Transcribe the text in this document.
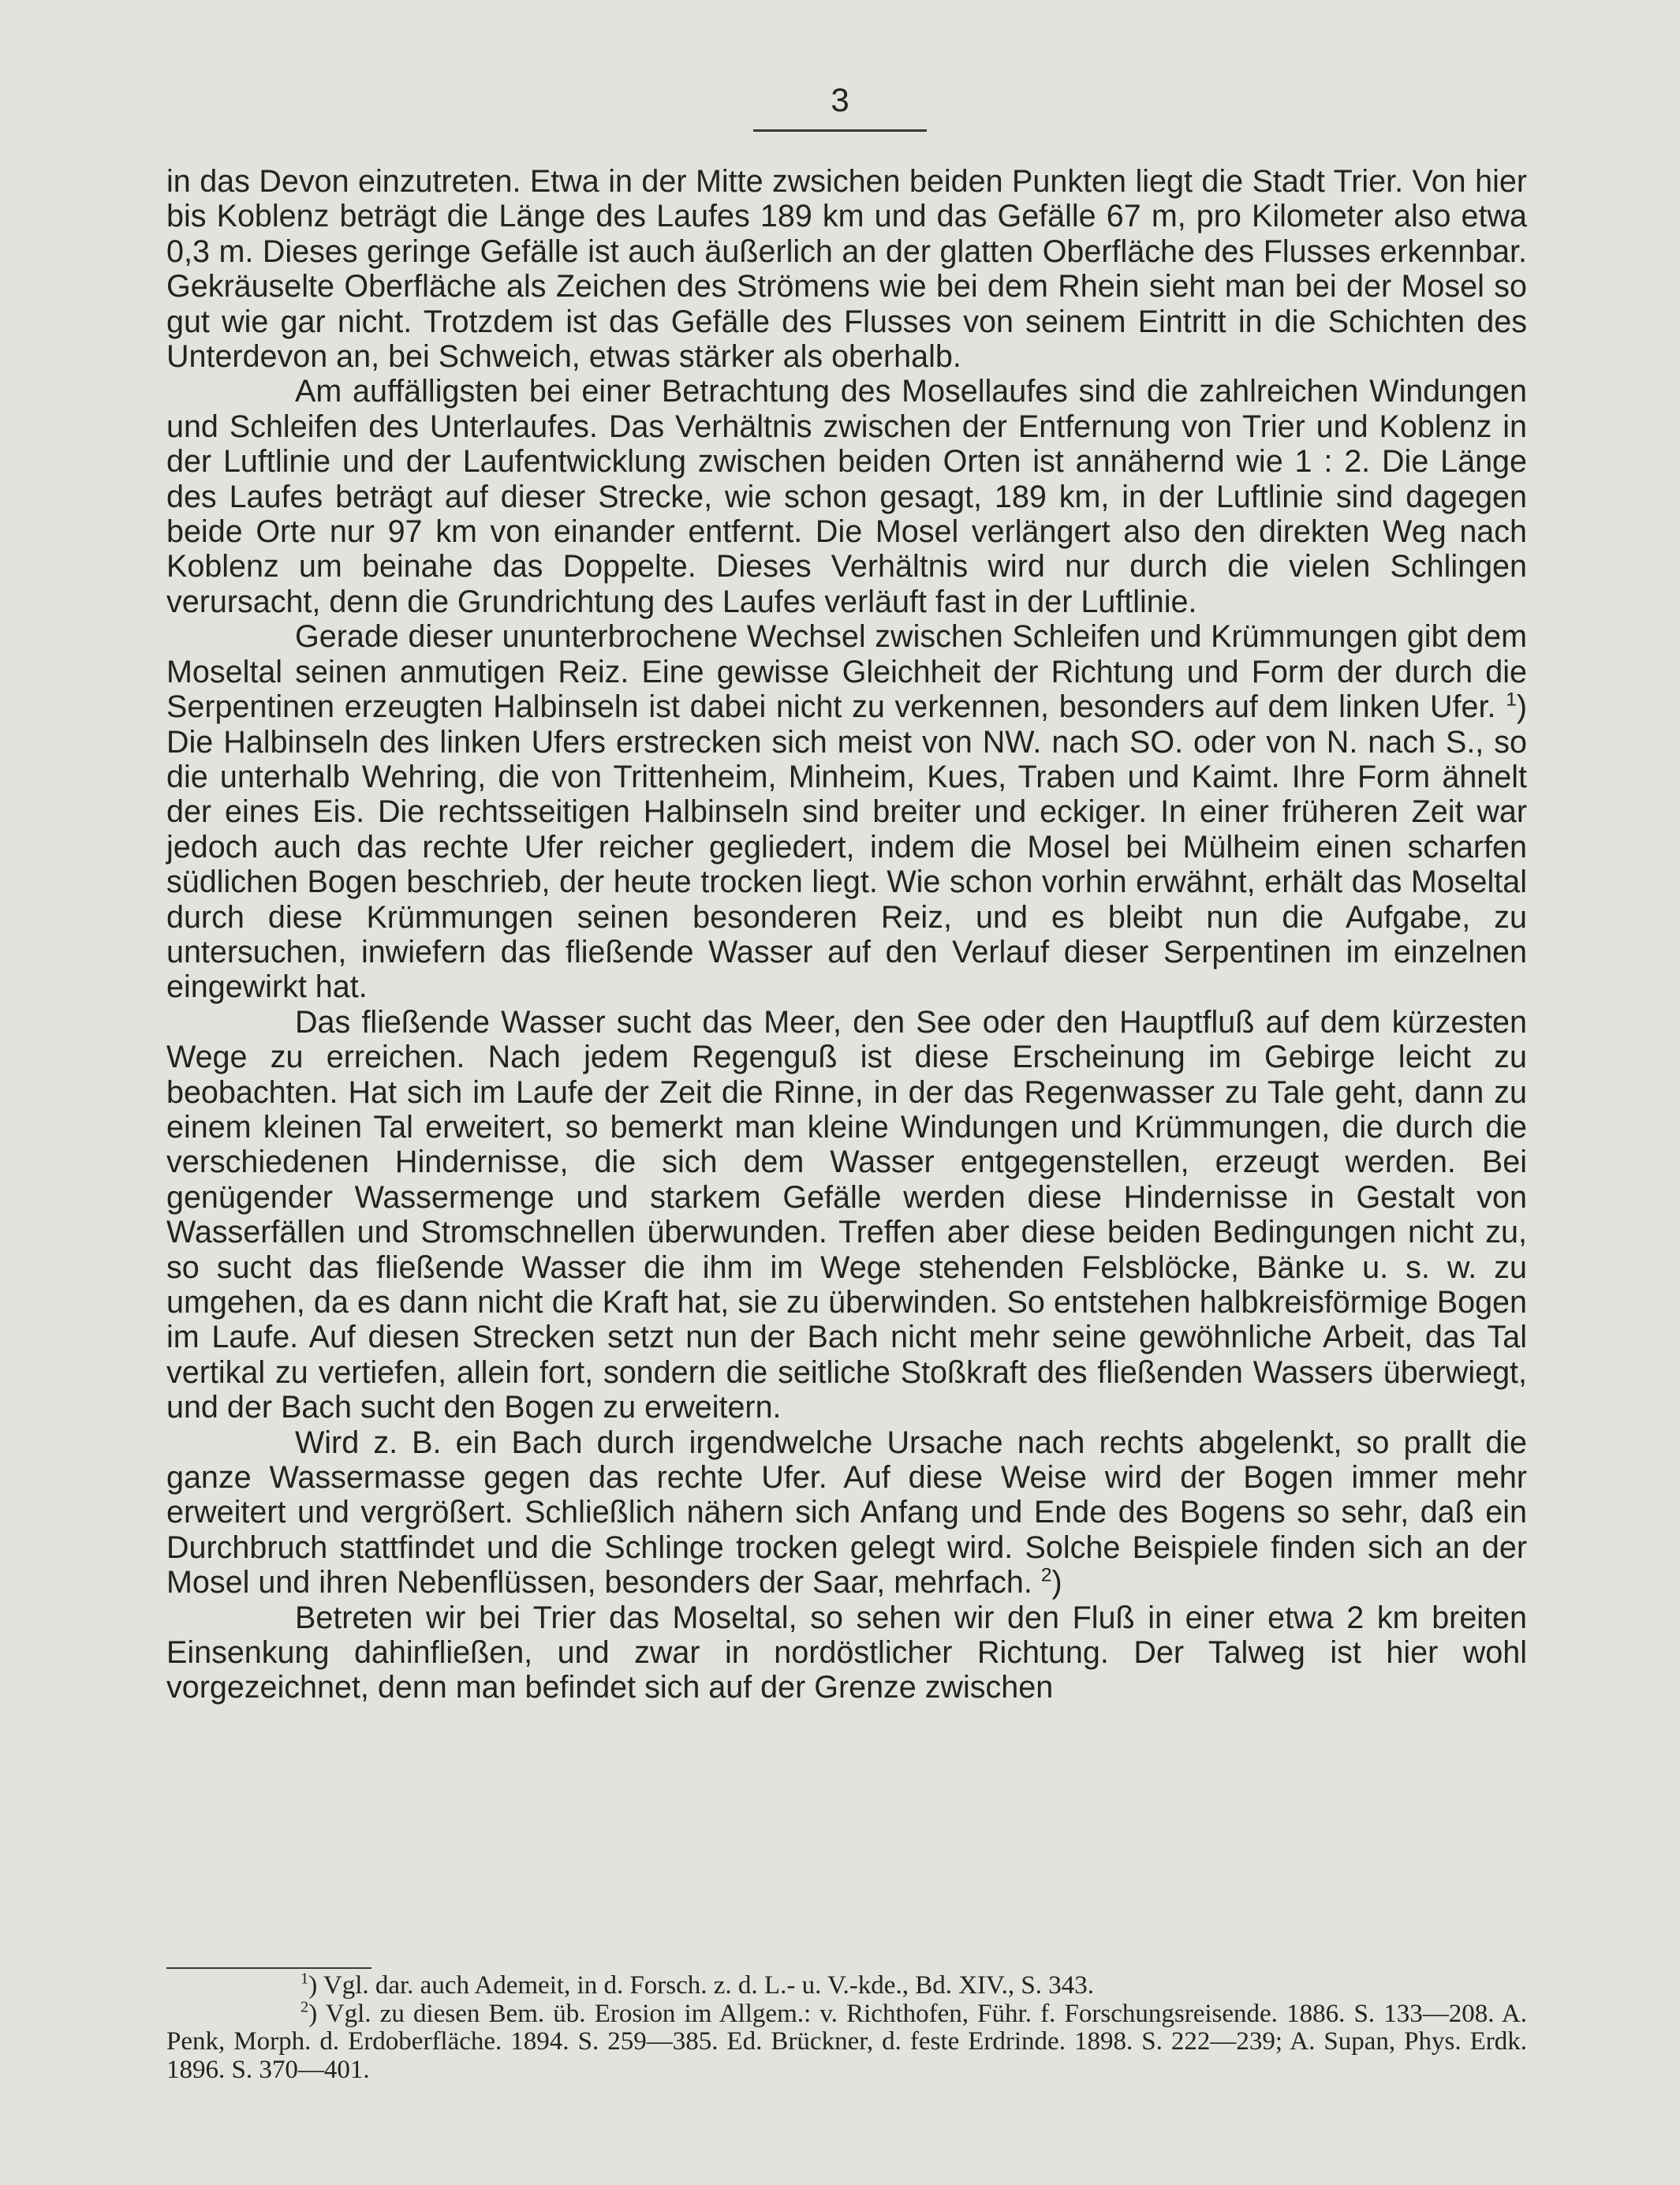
3

in das Devon einzutreten. Etwa in der Mitte zwsichen beiden Punkten liegt die Stadt Trier. Von hier bis Koblenz beträgt die Länge des Laufes 189 km und das Gefälle 67 m, pro Kilometer also etwa 0,3 m. Dieses geringe Gefälle ist auch äußerlich an der glatten Oberfläche des Flusses erkennbar. Gekräuselte Oberfläche als Zeichen des Strömens wie bei dem Rhein sieht man bei der Mosel so gut wie gar nicht. Trotzdem ist das Gefälle des Flusses von seinem Eintritt in die Schichten des Unterdevon an, bei Schweich, etwas stärker als oberhalb.

Am auffälligsten bei einer Betrachtung des Mosellaufes sind die zahlreichen Windungen und Schleifen des Unterlaufes. Das Verhältnis zwischen der Entfernung von Trier und Koblenz in der Luftlinie und der Laufentwicklung zwischen beiden Orten ist annähernd wie 1 : 2. Die Länge des Laufes beträgt auf dieser Strecke, wie schon gesagt, 189 km, in der Luftlinie sind dagegen beide Orte nur 97 km von einander entfernt. Die Mosel verlängert also den direkten Weg nach Koblenz um beinahe das Doppelte. Dieses Verhältnis wird nur durch die vielen Schlingen verursacht, denn die Grundrichtung des Laufes verläuft fast in der Luftlinie.

Gerade dieser ununterbrochene Wechsel zwischen Schleifen und Krümmungen gibt dem Moseltal seinen anmutigen Reiz. Eine gewisse Gleichheit der Richtung und Form der durch die Serpentinen erzeugten Halbinseln ist dabei nicht zu verkennen, besonders auf dem linken Ufer. $^1$) Die Halbinseln des linken Ufers erstrecken sich meist von NW. nach SO. oder von N. nach S., so die unterhalb Wehring, die von Trittenheim, Minheim, Kues, Traben und Kaimt. Ihre Form ähnelt der eines Eis. Die rechtsseitigen Halbinseln sind breiter und eckiger. In einer früheren Zeit war jedoch auch das rechte Ufer reicher gegliedert, indem die Mosel bei Mülheim einen scharfen südlichen Bogen beschrieb, der heute trocken liegt. Wie schon vorhin erwähnt, erhält das Moseltal durch diese Krümmungen seinen besonderen Reiz, und es bleibt nun die Aufgabe, zu untersuchen, inwiefern das fließende Wasser auf den Verlauf dieser Serpentinen im einzelnen eingewirkt hat.

Das fließende Wasser sucht das Meer, den See oder den Hauptfluß auf dem kürzesten Wege zu erreichen. Nach jedem Regenguß ist diese Erscheinung im Gebirge leicht zu beobachten. Hat sich im Laufe der Zeit die Rinne, in der das Regenwasser zu Tale geht, dann zu einem kleinen Tal erweitert, so bemerkt man kleine Windungen und Krümmungen, die durch die verschiedenen Hindernisse, die sich dem Wasser entgegenstellen, erzeugt werden. Bei genügender Wassermenge und starkem Gefälle werden diese Hindernisse in Gestalt von Wasserfällen und Stromschnellen überwunden. Treffen aber diese beiden Bedingungen nicht zu, so sucht das fließende Wasser die ihm im Wege stehenden Felsblöcke, Bänke u. s. w. zu umgehen, da es dann nicht die Kraft hat, sie zu überwinden. So entstehen halbkreisförmige Bogen im Laufe. Auf diesen Strecken setzt nun der Bach nicht mehr seine gewöhnliche Arbeit, das Tal vertikal zu vertiefen, allein fort, sondern die seitliche Stoßkraft des fließenden Wassers überwiegt, und der Bach sucht den Bogen zu erweitern.

Wird z. B. ein Bach durch irgendwelche Ursache nach rechts abgelenkt, so prallt die ganze Wassermasse gegen das rechte Ufer. Auf diese Weise wird der Bogen immer mehr erweitert und vergrößert. Schließlich nähern sich Anfang und Ende des Bogens so sehr, daß ein Durchbruch stattfindet und die Schlinge trocken gelegt wird. Solche Beispiele finden sich an der Mosel und ihren Nebenflüssen, besonders der Saar, mehrfach. $^2$)

Betreten wir bei Trier das Moseltal, so sehen wir den Fluß in einer etwa 2 km breiten Einsenkung dahinfließen, und zwar in nordöstlicher Richtung. Der Talweg ist hier wohl vorgezeichnet, denn man befindet sich auf der Grenze zwischen

$^1$) Vgl. dar. auch Ademeit, in d. Forsch. z. d. L.- u. V.-kde., Bd. XIV., S. 343.

$^2$) Vgl. zu diesen Bem. üb. Erosion im Allgem.: v. Richthofen, Führ. f. Forschungsreisende. 1886. S. 133—208. A. Penk, Morph. d. Erdoberfläche. 1894. S. 259—385. Ed. Brückner, d. feste Erdrinde. 1898. S. 222—239; A. Supan, Phys. Erdk. 1896. S. 370—401.
